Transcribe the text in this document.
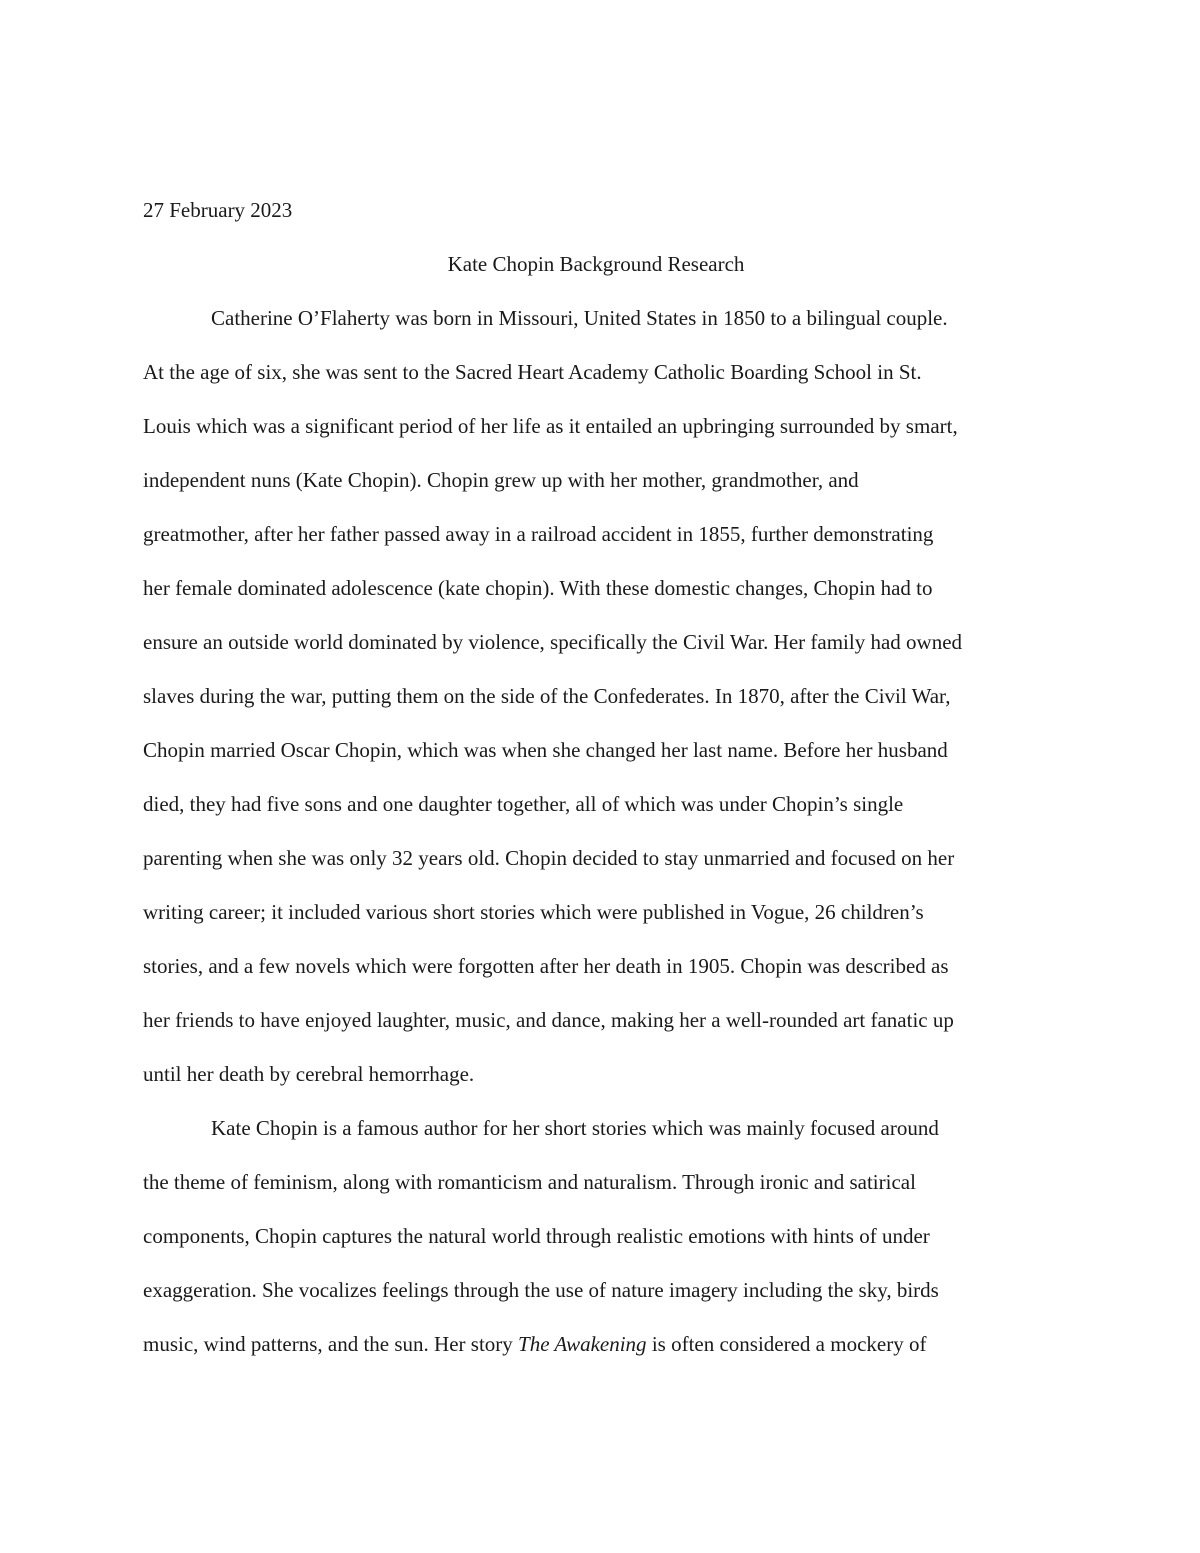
27 February 2023
Kate Chopin Background Research
Catherine O’Flaherty was born in Missouri, United States in 1850 to a bilingual couple.
At the age of six, she was sent to the Sacred Heart Academy Catholic Boarding School in St.
Louis which was a significant period of her life as it entailed an upbringing surrounded by smart,
independent nuns (Kate Chopin). Chopin grew up with her mother, grandmother, and
greatmother, after her father passed away in a railroad accident in 1855, further demonstrating
her female dominated adolescence (kate chopin). With these domestic changes, Chopin had to
ensure an outside world dominated by violence, specifically the Civil War. Her family had owned
slaves during the war, putting them on the side of the Confederates. In 1870, after the Civil War,
Chopin married Oscar Chopin, which was when she changed her last name. Before her husband
died, they had five sons and one daughter together, all of which was under Chopin’s single
parenting when she was only 32 years old. Chopin decided to stay unmarried and focused on her
writing career; it included various short stories which were published in Vogue, 26 children’s
stories, and a few novels which were forgotten after her death in 1905. Chopin was described as
her friends to have enjoyed laughter, music, and dance, making her a well-rounded art fanatic up
until her death by cerebral hemorrhage.
Kate Chopin is a famous author for her short stories which was mainly focused around
the theme of feminism, along with romanticism and naturalism. Through ironic and satirical
components, Chopin captures the natural world through realistic emotions with hints of under
exaggeration. She vocalizes feelings through the use of nature imagery including the sky, birds
music, wind patterns, and the sun. Her story The Awakening is often considered a mockery of
